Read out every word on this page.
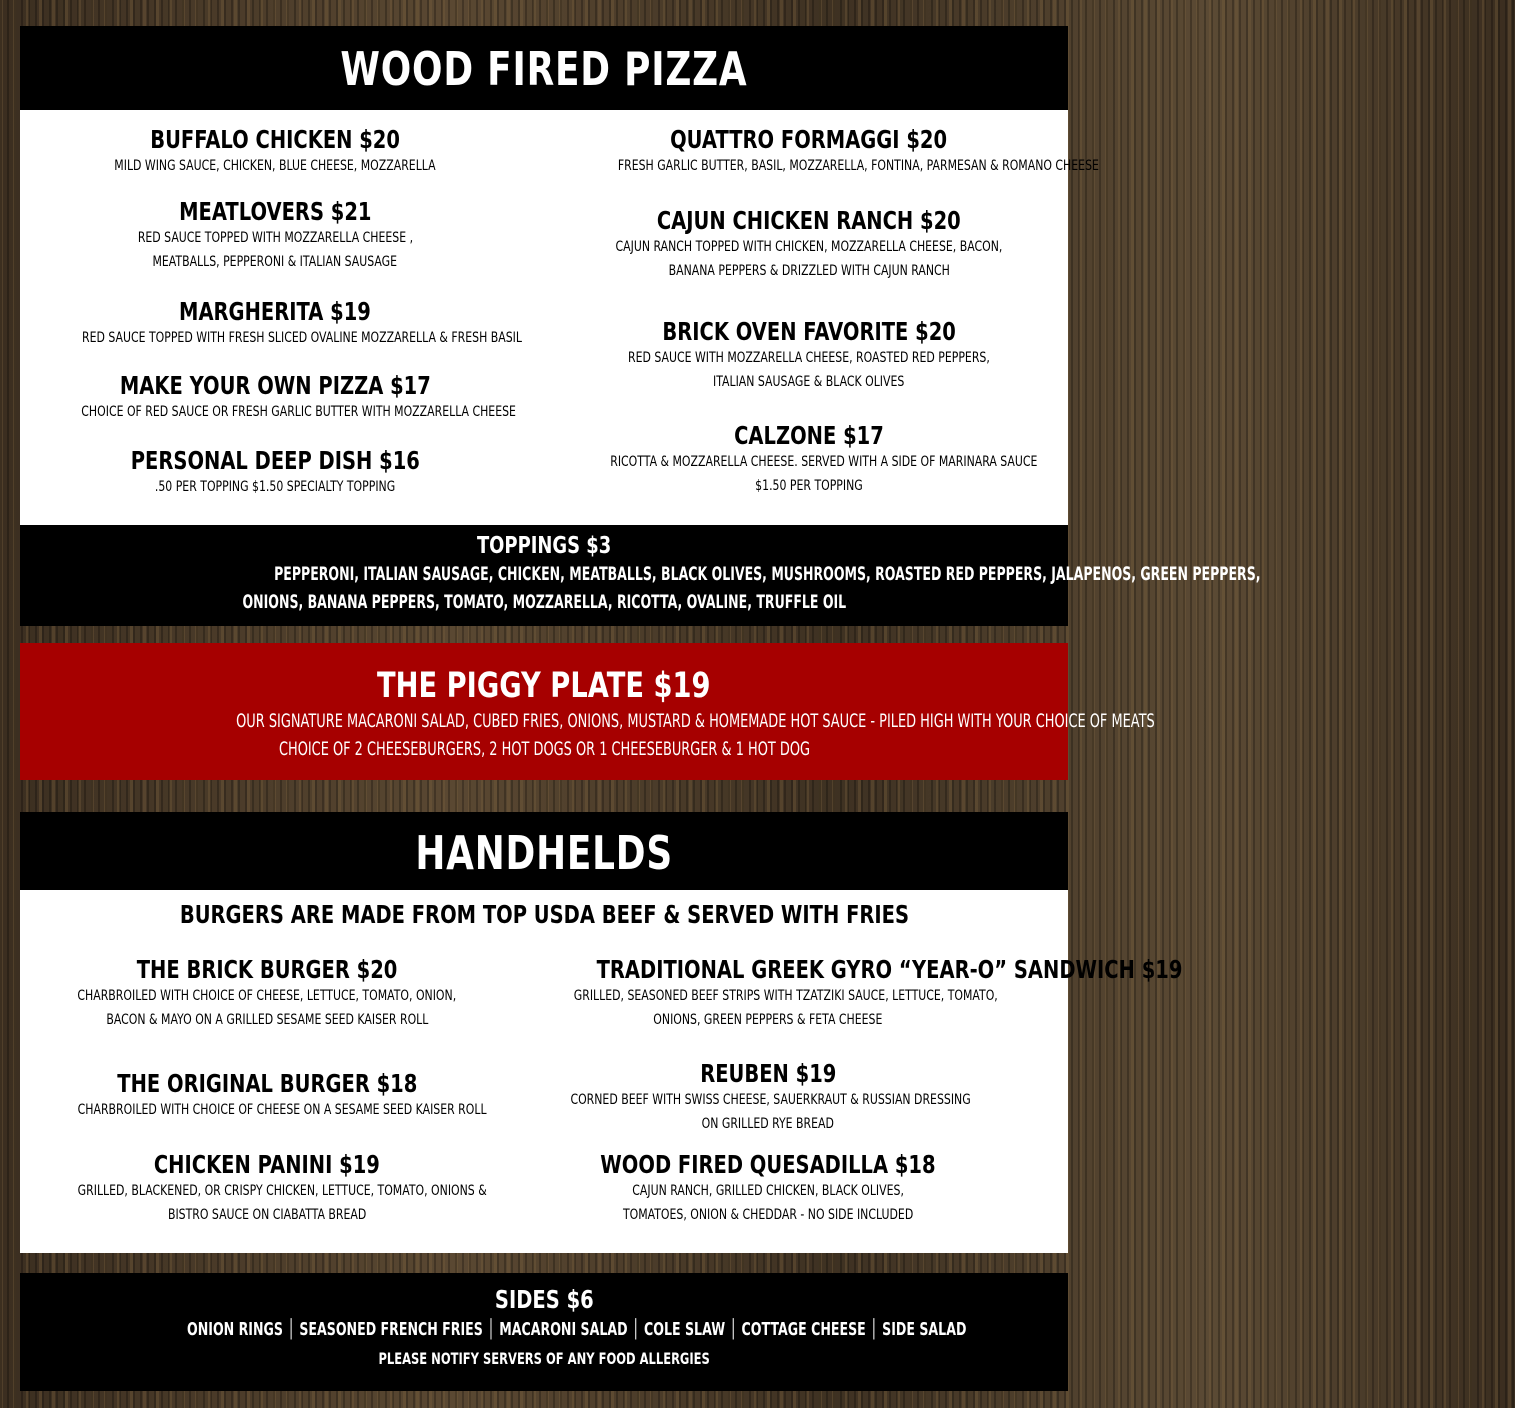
WOOD FIRED PIZZA
BUFFALO CHICKEN $20
MILD WING SAUCE, CHICKEN, BLUE CHEESE, MOZZARELLA
MEATLOVERS $21
RED SAUCE TOPPED WITH MOZZARELLA CHEESE ,
MEATBALLS, PEPPERONI & ITALIAN SAUSAGE
MARGHERITA $19
RED SAUCE TOPPED WITH FRESH SLICED OVALINE MOZZARELLA & FRESH BASIL
MAKE YOUR OWN PIZZA $17
CHOICE OF RED SAUCE OR FRESH GARLIC BUTTER WITH MOZZARELLA CHEESE
PERSONAL DEEP DISH $16
.50 PER TOPPING $1.50 SPECIALTY TOPPING
QUATTRO FORMAGGI $20
FRESH GARLIC BUTTER, BASIL, MOZZARELLA, FONTINA, PARMESAN & ROMANO CHEESE
CAJUN CHICKEN RANCH $20
CAJUN RANCH TOPPED WITH CHICKEN, MOZZARELLA CHEESE, BACON,
BANANA PEPPERS & DRIZZLED WITH CAJUN RANCH
BRICK OVEN FAVORITE $20
RED SAUCE WITH MOZZARELLA CHEESE, ROASTED RED PEPPERS,
ITALIAN SAUSAGE & BLACK OLIVES
CALZONE $17
RICOTTA & MOZZARELLA CHEESE. SERVED WITH A SIDE OF MARINARA SAUCE
$1.50 PER TOPPING
TOPPINGS $3
PEPPERONI, ITALIAN SAUSAGE, CHICKEN, MEATBALLS, BLACK OLIVES, MUSHROOMS, ROASTED RED PEPPERS, JALAPENOS, GREEN PEPPERS,
ONIONS, BANANA PEPPERS, TOMATO, MOZZARELLA, RICOTTA, OVALINE, TRUFFLE OIL
THE PIGGY PLATE $19
OUR SIGNATURE MACARONI SALAD, CUBED FRIES, ONIONS, MUSTARD & HOMEMADE HOT SAUCE - PILED HIGH WITH YOUR CHOICE OF MEATS
CHOICE OF 2 CHEESEBURGERS, 2 HOT DOGS OR 1 CHEESEBURGER & 1 HOT DOG
HANDHELDS
BURGERS ARE MADE FROM TOP USDA BEEF & SERVED WITH FRIES
THE BRICK BURGER $20
CHARBROILED WITH CHOICE OF CHEESE, LETTUCE, TOMATO, ONION,
BACON & MAYO ON A GRILLED SESAME SEED KAISER ROLL
THE ORIGINAL BURGER $18
CHARBROILED WITH CHOICE OF CHEESE ON A SESAME SEED KAISER ROLL
CHICKEN PANINI $19
GRILLED, BLACKENED, OR CRISPY CHICKEN, LETTUCE, TOMATO, ONIONS &
BISTRO SAUCE ON CIABATTA BREAD
TRADITIONAL GREEK GYRO “YEAR-O” SANDWICH $19
GRILLED, SEASONED BEEF STRIPS WITH TZATZIKI SAUCE, LETTUCE, TOMATO,
ONIONS, GREEN PEPPERS & FETA CHEESE
REUBEN $19
CORNED BEEF WITH SWISS CHEESE, SAUERKRAUT & RUSSIAN DRESSING
ON GRILLED RYE BREAD
WOOD FIRED QUESADILLA $18
CAJUN RANCH, GRILLED CHICKEN, BLACK OLIVES,
TOMATOES, ONION & CHEDDAR - NO SIDE INCLUDED
SIDES $6
ONION RINGS │ SEASONED FRENCH FRIES │ MACARONI SALAD │ COLE SLAW │ COTTAGE CHEESE │ SIDE SALAD
PLEASE NOTIFY SERVERS OF ANY FOOD ALLERGIES
